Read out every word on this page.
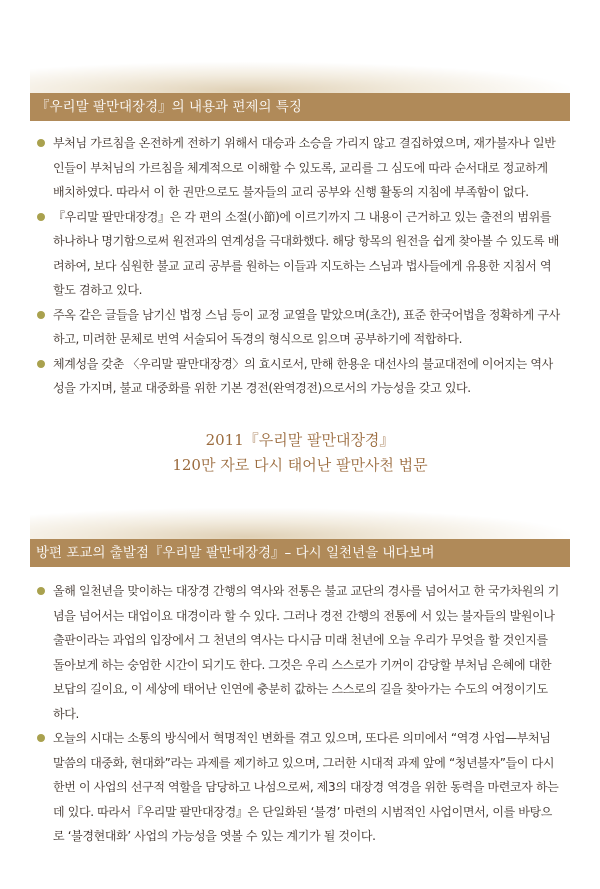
『우리말 팔만대장경』의 내용과 편제의 특징
부처님 가르침을 온전하게 전하기 위해서 대승과 소승을 가리지 않고 결집하였으며, 재가불자나 일반인들이 부처님의 가르침을 체계적으로 이해할 수 있도록, 교리를 그 심도에 따라 순서대로 정교하게 배치하였다. 따라서 이 한 권만으로도 불자들의 교리 공부와 신행 활동의 지침에 부족함이 없다.
『우리말 팔만대장경』은 각 편의 소절(小節)에 이르기까지 그 내용이 근거하고 있는 출전의 범위를 하나하나 명기함으로써 원전과의 연계성을 극대화했다. 해당 항목의 원전을 쉽게 찾아볼 수 있도록 배려하여, 보다 심원한 불교 교리 공부를 원하는 이들과 지도하는 스님과 법사들에게 유용한 지침서 역할도 겸하고 있다.
주옥 같은 글들을 남기신 법정 스님 등이 교정 교열을 맡았으며(초간), 표준 한국어법을 정확하게 구사하고, 미려한 문체로 번역 서술되어 독경의 형식으로 읽으며 공부하기에 적합하다.
체계성을 갖춘 〈우리말 팔만대장경〉의 효시로서, 만해 한용운 대선사의 불교대전에 이어지는 역사성을 가지며, 불교 대중화를 위한 기본 경전(완역경전)으로서의 가능성을 갖고 있다.
2011『우리말 팔만대장경』
120만 자로 다시 태어난 팔만사천 법문
방편 포교의 출발점『우리말 팔만대장경』– 다시 일천년을 내다보며
올해 일천년을 맞이하는 대장경 간행의 역사와 전통은 불교 교단의 경사를 넘어서고 한 국가차원의 기념을 넘어서는 대업이요 대경이라 할 수 있다. 그러나 경전 간행의 전통에 서 있는 불자들의 발원이나 출판이라는 과업의 입장에서 그 천년의 역사는 다시금 미래 천년에 오늘 우리가 무엇을 할 것인지를 돌아보게 하는 숭엄한 시간이 되기도 한다. 그것은 우리 스스로가 기꺼이 감당할 부처님 은혜에 대한 보답의 길이요, 이 세상에 태어난 인연에 충분히 값하는 스스로의 길을 찾아가는 수도의 여정이기도 하다.
오늘의 시대는 소통의 방식에서 혁명적인 변화를 겪고 있으며, 또다른 의미에서 “역경 사업—부처님 말씀의 대중화, 현대화”라는 과제를 제기하고 있으며, 그러한 시대적 과제 앞에 “청년불자”들이 다시 한번 이 사업의 선구적 역할을 담당하고 나섬으로써, 제3의 대장경 역경을 위한 동력을 마련코자 하는 데 있다. 따라서『우리말 팔만대장경』은 단일화된 ‘불경’ 마련의 시범적인 사업이면서, 이를 바탕으로 ‘불경현대화’ 사업의 가능성을 엿볼 수 있는 계기가 될 것이다.
